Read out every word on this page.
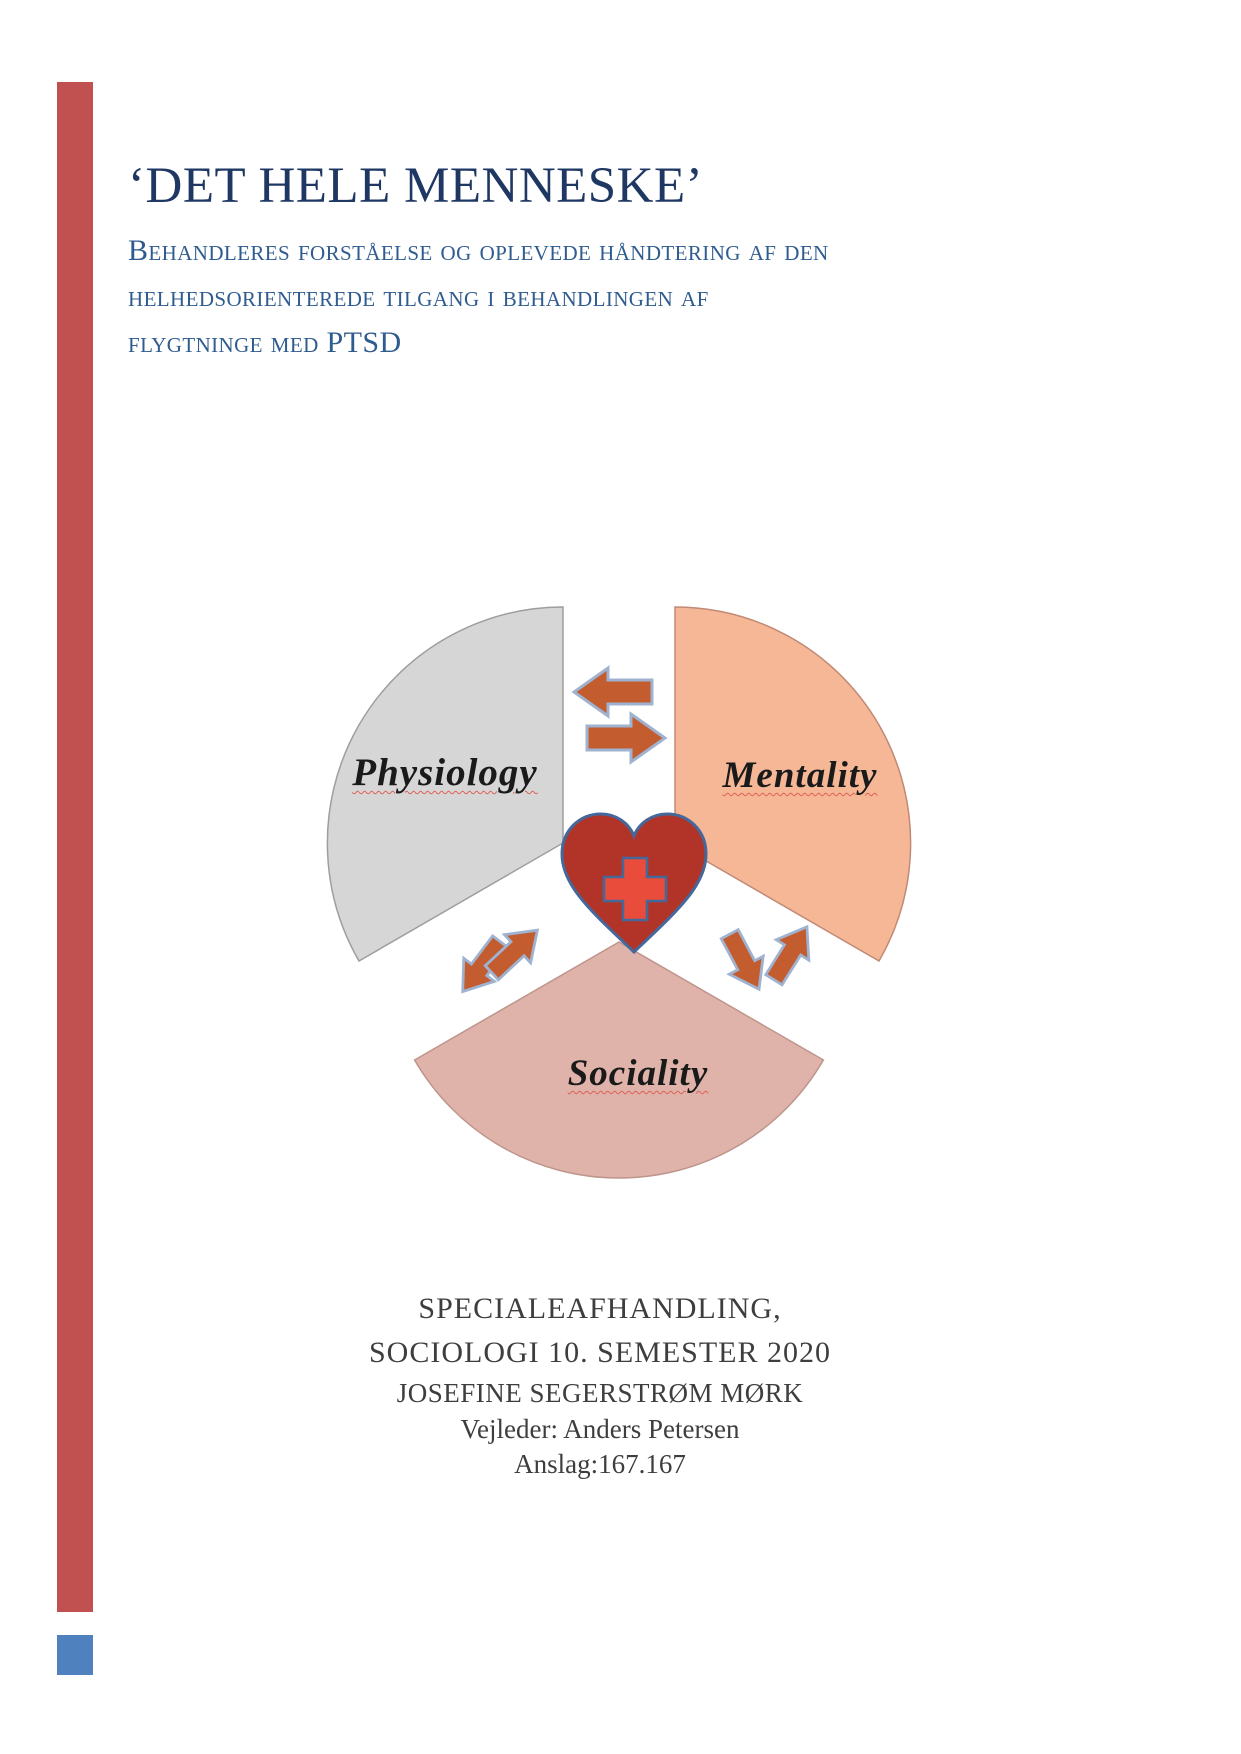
‘DET HELE MENNESKE’
Behandleres forståelse og oplevede håndtering af den
helhedsorienterede tilgang i behandlingen af
flygtninge med PTSD
Physiology	Mentality
Sociality
SPECIALEAFHANDLING,
SOCIOLOGI 10. SEMESTER 2020
JOSEFINE SEGERSTRØM MØRK
Vejleder: Anders Petersen
Anslag:167.167
